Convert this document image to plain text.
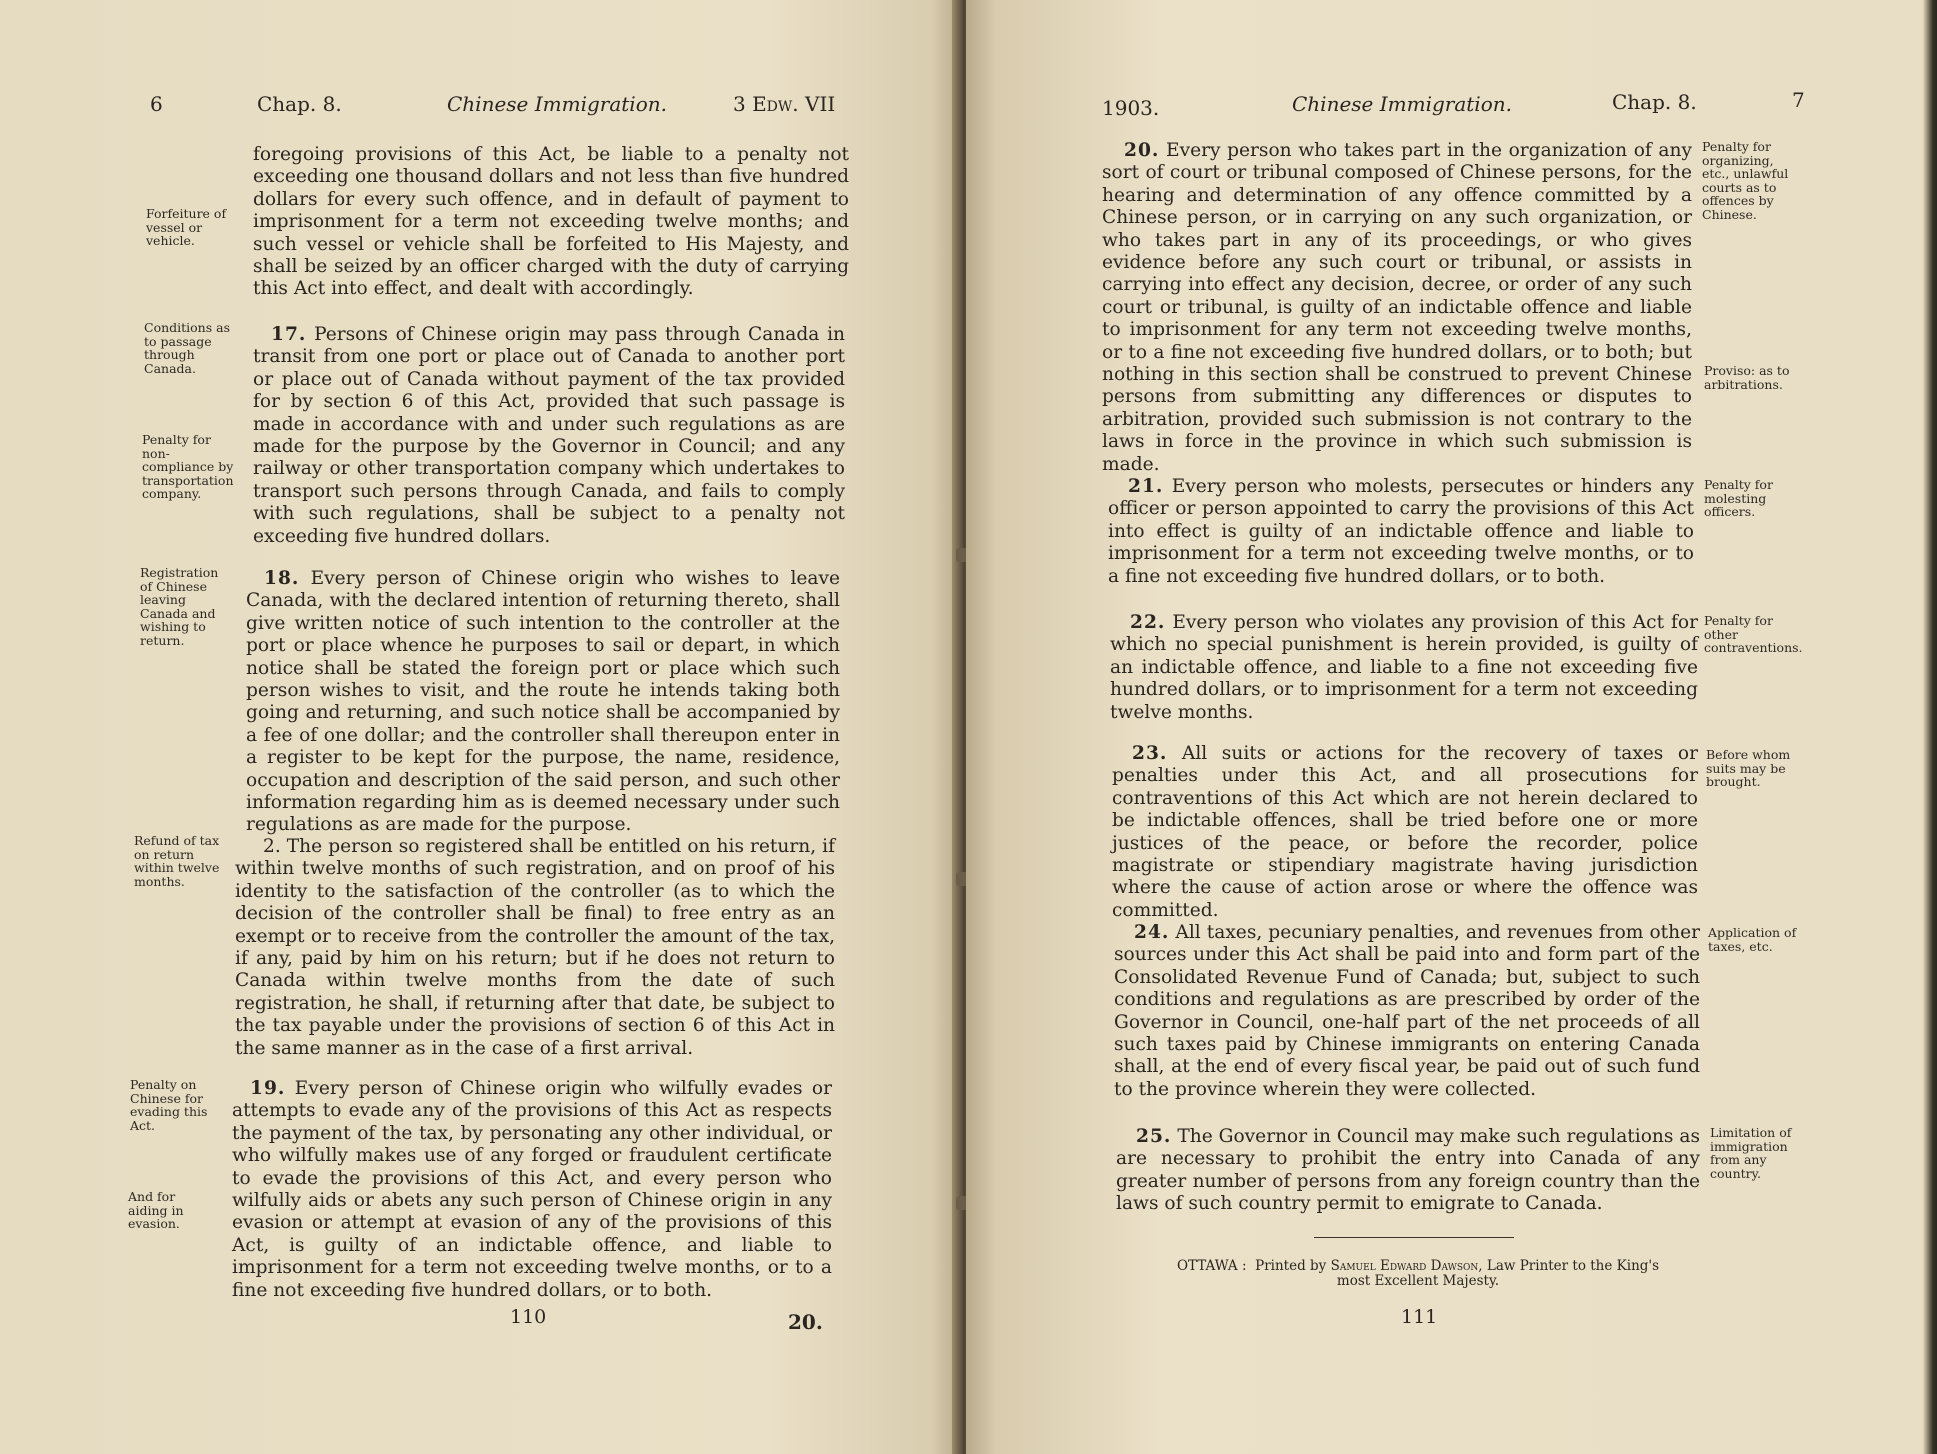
6	Chap. 8.	Chinese Immigration.	3 Edw. VII

foregoing provisions of this Act, be liable to a penalty not exceeding one thousand dollars and not less than five hundred dollars for every such offence, and in default of payment to imprisonment for a term not exceeding twelve months; and such vessel or vehicle shall be forfeited to His Majesty, and shall be seized by an officer charged with the duty of carrying this Act into effect, and dealt with accordingly.

17. Persons of Chinese origin may pass through Canada in transit from one port or place out of Canada to another port or place out of Canada without payment of the tax provided for by section 6 of this Act, provided that such passage is made in accordance with and under such regulations as are made for the purpose by the Governor in Council; and any railway or other transportation company which undertakes to transport such persons through Canada, and fails to comply with such regulations, shall be subject to a penalty not exceeding five hundred dollars.

18. Every person of Chinese origin who wishes to leave Canada, with the declared intention of returning thereto, shall give written notice of such intention to the controller at the port or place whence he purposes to sail or depart, in which notice shall be stated the foreign port or place which such person wishes to visit, and the route he intends taking both going and returning, and such notice shall be accompanied by a fee of one dollar; and the controller shall thereupon enter in a register to be kept for the purpose, the name, residence, occupation and description of the said person, and such other information regarding him as is deemed necessary under such regulations as are made for the purpose.

2. The person so registered shall be entitled on his return, if within twelve months of such registration, and on proof of his identity to the satisfaction of the controller (as to which the decision of the controller shall be final) to free entry as an exempt or to receive from the controller the amount of the tax, if any, paid by him on his return; but if he does not return to Canada within twelve months from the date of such registration, he shall, if returning after that date, be subject to the tax payable under the provisions of section 6 of this Act in the same manner as in the case of a first arrival.

19. Every person of Chinese origin who wilfully evades or attempts to evade any of the provisions of this Act as respects the payment of the tax, by personating any other individual, or who wilfully makes use of any forged or fraudulent certificate to evade the provisions of this Act, and every person who wilfully aids or abets any such person of Chinese origin in any evasion or attempt at evasion of any of the provisions of this Act, is guilty of an indictable offence, and liable to imprisonment for a term not exceeding twelve months, or to a fine not exceeding five hundred dollars, or to both.

Forfeiture of vessel or vehicle.

Conditions as to passage through Canada.

Penalty for non-compliance by transportation company.

Registration of Chinese leaving Canada and wishing to return.

Refund of tax on return within twelve months.

Penalty on Chinese for evading this Act.

And for aiding in evasion.

110	20.
1903.	Chinese Immigration.	Chap. 8.	7

20. Every person who takes part in the organization of any sort of court or tribunal composed of Chinese persons, for the hearing and determination of any offence committed by a Chinese person, or in carrying on any such organization, or who takes part in any of its proceedings, or who gives evidence before any such court or tribunal, or assists in carrying into effect any decision, decree, or order of any such court or tribunal, is guilty of an indictable offence and liable to imprisonment for any term not exceeding twelve months, or to a fine not exceeding five hundred dollars, or to both; but nothing in this section shall be construed to prevent Chinese persons from submitting any differences or disputes to arbitration, provided such submission is not contrary to the laws in force in the province in which such submission is made.

21. Every person who molests, persecutes or hinders any officer or person appointed to carry the provisions of this Act into effect is guilty of an indictable offence and liable to imprisonment for a term not exceeding twelve months, or to a fine not exceeding five hundred dollars, or to both.

22. Every person who violates any provision of this Act for which no special punishment is herein provided, is guilty of an indictable offence, and liable to a fine not exceeding five hundred dollars, or to imprisonment for a term not exceeding twelve months.

23. All suits or actions for the recovery of taxes or penalties under this Act, and all prosecutions for contraventions of this Act which are not herein declared to be indictable offences, shall be tried before one or more justices of the peace, or before the recorder, police magistrate or stipendiary magistrate having jurisdiction where the cause of action arose or where the offence was committed.

24. All taxes, pecuniary penalties, and revenues from other sources under this Act shall be paid into and form part of the Consolidated Revenue Fund of Canada; but, subject to such conditions and regulations as are prescribed by order of the Governor in Council, one-half part of the net proceeds of all such taxes paid by Chinese immigrants on entering Canada shall, at the end of every fiscal year, be paid out of such fund to the province wherein they were collected.

25. The Governor in Council may make such regulations as are necessary to prohibit the entry into Canada of any greater number of persons from any foreign country than the laws of such country permit to emigrate to Canada.

Penalty for organizing, etc., unlawful courts as to offences by Chinese.

Proviso: as to arbitrations.

Penalty for molesting officers.

Penalty for other contraventions.

Before whom suits may be brought.

Application of taxes, etc.

Limitation of immigration from any country.

OTTAWA : Printed by Samuel Edward Dawson, Law Printer to the King's
most Excellent Majesty.
111
